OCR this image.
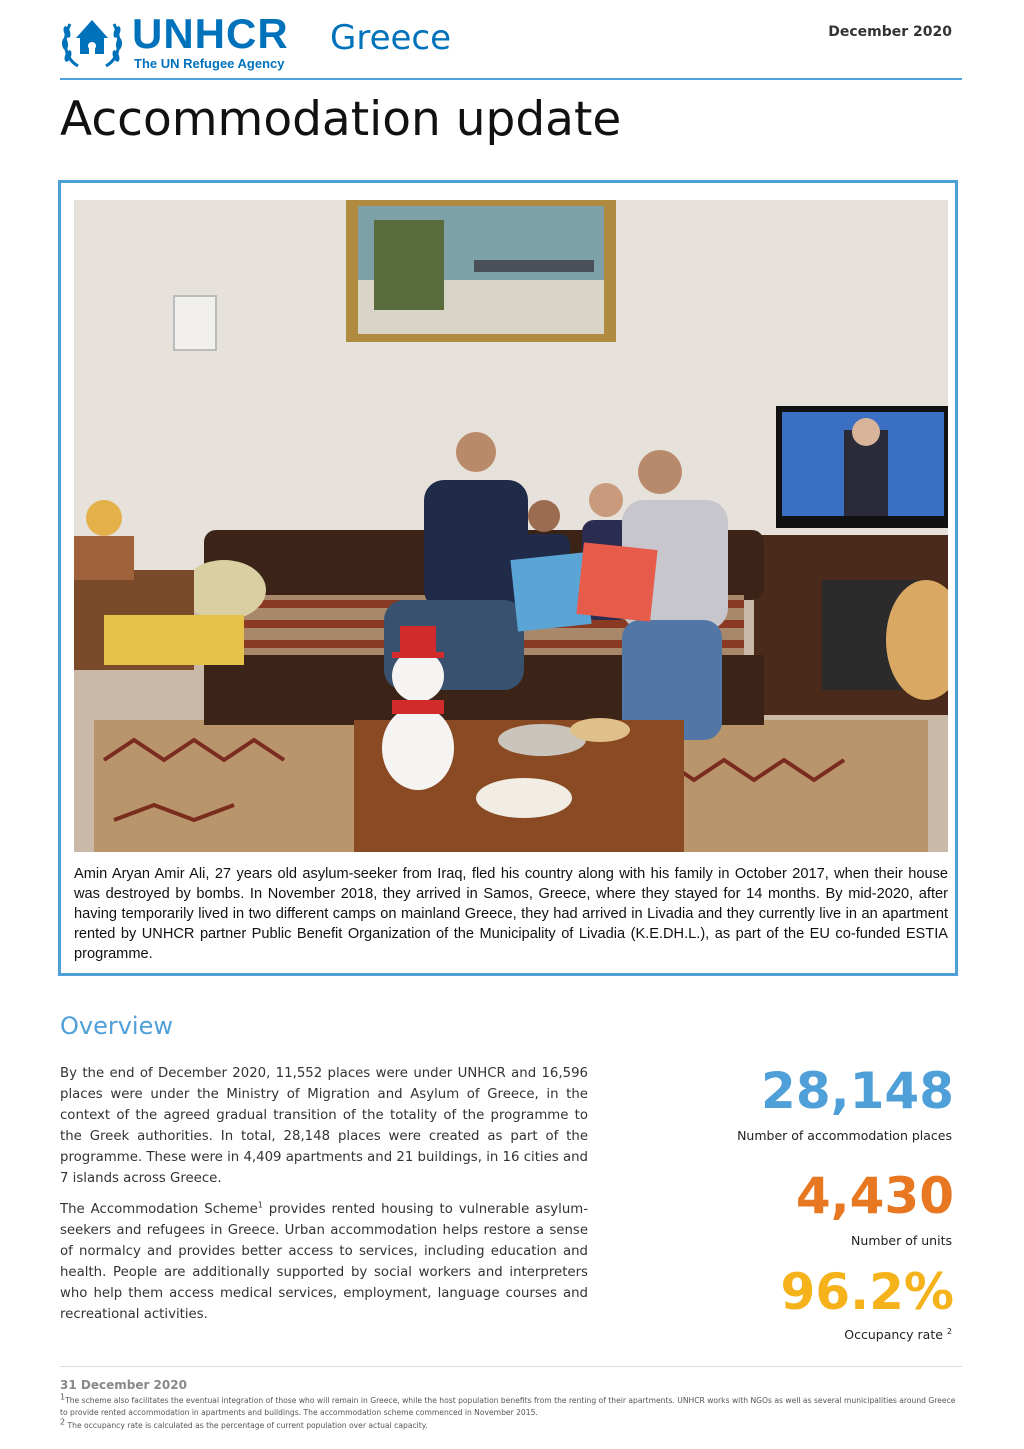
UNHCR
The UN Refugee Agency
Greece	December 2020
Accommodation update
Amin Aryan Amir Ali, 27 years old asylum-seeker from Iraq, fled his country along with his family in October 2017, when their house was destroyed by bombs. In November 2018, they arrived in Samos, Greece, where they stayed for 14 months. By mid-2020, after having temporarily lived in two different camps on mainland Greece, they had arrived in Livadia and they currently live in an apartment rented by UNHCR partner Public Benefit Organization of the Municipality of Livadia (K.E.DH.L.), as part of the EU co-funded ESTIA programme.
Overview
By the end of December 2020, 11,552 places were under UNHCR and 16,596 places were under the Ministry of Migration and Asylum of Greece, in the context of the agreed gradual transition of the totality of the programme to the Greek authorities. In total, 28,148 places were created as part of the programme. These were in 4,409 apartments and 21 buildings, in 16 cities and 7 islands across Greece.
The Accommodation Scheme$^1$ provides rented housing to vulnerable asylum-seekers and refugees in Greece. Urban accommodation helps restore a sense of normalcy and provides better access to services, including education and health. People are additionally supported by social workers and interpreters who help them access medical services, employment, language courses and recreational activities.
28,148
Number of accommodation places
4,430
Number of units
96.2%
Occupancy rate $^2$
31 December 2020
$^1$The scheme also facilitates the eventual integration of those who will remain in Greece, while the host population benefits from the renting of their apartments. UNHCR works with NGOs as well as several municipalities around Greece to provide rented accommodation in apartments and buildings. The accommodation scheme commenced in November 2015.
$^2$ The occupancy rate is calculated as the percentage of current population over actual capacity.
